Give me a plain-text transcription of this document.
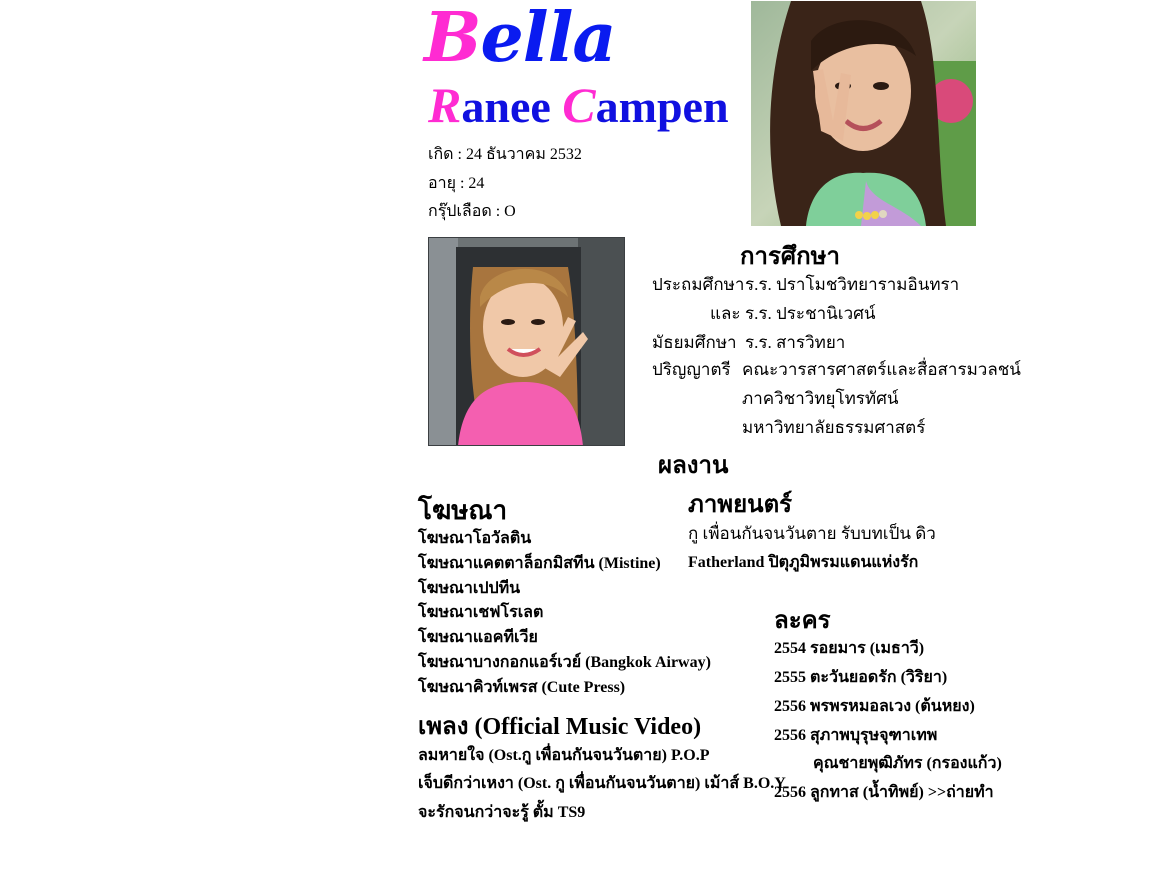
Bella
Ranee Campen
เกิด : 24 ธันวาคม 2532
อายุ : 24
กรุ๊ปเลือด : O
การศึกษา
ประถมศึกษา ร.ร. ปราโมชวิทยารามอินทรา
และ ร.ร. ประชานิเวศน์
มัธยมศึกษา ร.ร. สารวิทยา
ปริญญาตรี คณะวารสารศาสตร์และสื่อสารมวลชน์
ภาควิชาวิทยุโทรทัศน์
มหาวิทยาลัยธรรมศาสตร์
ผลงาน
โฆษณา
โฆษณาโอวัลติน
โฆษณาแคตตาล็อกมิสทีน (Mistine)
โฆษณาเปปทีน
โฆษณาเชฟโรเลต
โฆษณาแอคทีเวีย
โฆษณาบางกอกแอร์เวย์ (Bangkok Airway)
โฆษณาคิวท์เพรส (Cute Press)
เพลง (Official Music Video)
ลมหายใจ (Ost.กู เพื่อนกันจนวันตาย) P.O.P
เจ็บดีกว่าเหงา (Ost. กู เพื่อนกันจนวันตาย) เม้าส์ B.O.Y
จะรักจนกว่าจะรู้ ตั้ม TS9
ภาพยนตร์
กู เพื่อนกันจนวันตาย รับบทเป็น ดิว
Fatherland ปิตุภูมิพรมแดนแห่งรัก
ละคร
2554 รอยมาร (เมธาวี)
2555 ตะวันยอดรัก (วิริยา)
2556 พรพรหมอลเวง (ต้นหยง)
2556 สุภาพบุรุษจุฑาเทพ
คุณชายพุฒิภัทร (กรองแก้ว)
2556 ลูกทาส (น้ำทิพย์) >>ถ่ายทำ
